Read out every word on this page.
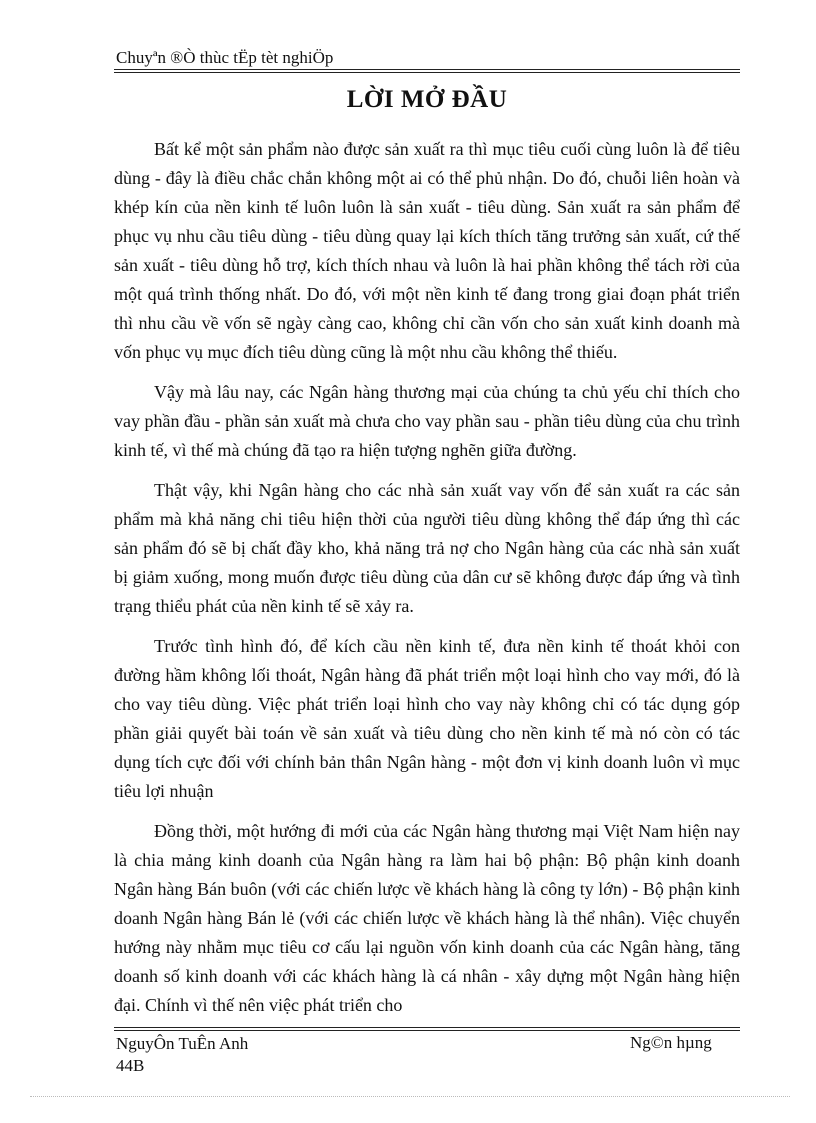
Chuyªn ®Ò thùc tËp tèt nghiÖp
LỜI MỞ ĐẦU

Bất kể một sản phẩm nào được sản xuất ra thì mục tiêu cuối cùng luôn là để tiêu dùng - đây là điều chắc chắn không một ai có thể phủ nhận. Do đó, chuỗi liên hoàn và khép kín của nền kinh tế luôn luôn là sản xuất - tiêu dùng. Sản xuất ra sản phẩm để phục vụ nhu cầu tiêu dùng - tiêu dùng quay lại kích thích tăng trưởng sản xuất, cứ thế sản xuất - tiêu dùng hỗ trợ, kích thích nhau và luôn là hai phần không thể tách rời của một quá trình thống nhất. Do đó, với một nền kinh tế đang trong giai đoạn phát triển thì nhu cầu về vốn sẽ ngày càng cao, không chỉ cần vốn cho sản xuất kinh doanh mà vốn phục vụ mục đích tiêu dùng cũng là một nhu cầu không thể thiếu.

Vậy mà lâu nay, các Ngân hàng thương mại của chúng ta chủ yếu chỉ thích cho vay phần đầu - phần sản xuất mà chưa cho vay phần sau - phần tiêu dùng của chu trình kinh tế, vì thế mà chúng đã tạo ra hiện tượng nghẽn giữa đường.

Thật vậy, khi Ngân hàng cho các nhà sản xuất vay vốn để sản xuất ra các sản phẩm mà khả năng chi tiêu hiện thời của người tiêu dùng không thể đáp ứng thì các sản phẩm đó sẽ bị chất đầy kho, khả năng trả nợ cho Ngân hàng của các nhà sản xuất bị giảm xuống, mong muốn được tiêu dùng của dân cư sẽ không được đáp ứng và tình trạng thiểu phát của nền kinh tế sẽ xảy ra.

Trước tình hình đó, để kích cầu nền kinh tế, đưa nền kinh tế thoát khỏi con đường hầm không lối thoát, Ngân hàng đã phát triển một loại hình cho vay mới, đó là cho vay tiêu dùng. Việc phát triển loại hình cho vay này không chỉ có tác dụng góp phần giải quyết bài toán về sản xuất và tiêu dùng cho nền kinh tế mà nó còn có tác dụng tích cực đối với chính bản thân Ngân hàng - một đơn vị kinh doanh luôn vì mục tiêu lợi nhuận

Đồng thời, một hướng đi mới của các Ngân hàng thương mại Việt Nam hiện nay là chia mảng kinh doanh của Ngân hàng ra làm hai bộ phận: Bộ phận kinh doanh Ngân hàng Bán buôn (với các chiến lược về khách hàng là công ty lớn) - Bộ phận kinh doanh Ngân hàng Bán lẻ (với các chiến lược về khách hàng là thể nhân). Việc chuyển hướng này nhằm mục tiêu cơ cấu lại nguồn vốn kinh doanh của các Ngân hàng, tăng doanh số kinh doanh với các khách hàng là cá nhân - xây dựng một Ngân hàng hiện đại. Chính vì thế nên việc phát triển cho

NguyÔn TuÊn Anh
44B
Ng©n hµng
